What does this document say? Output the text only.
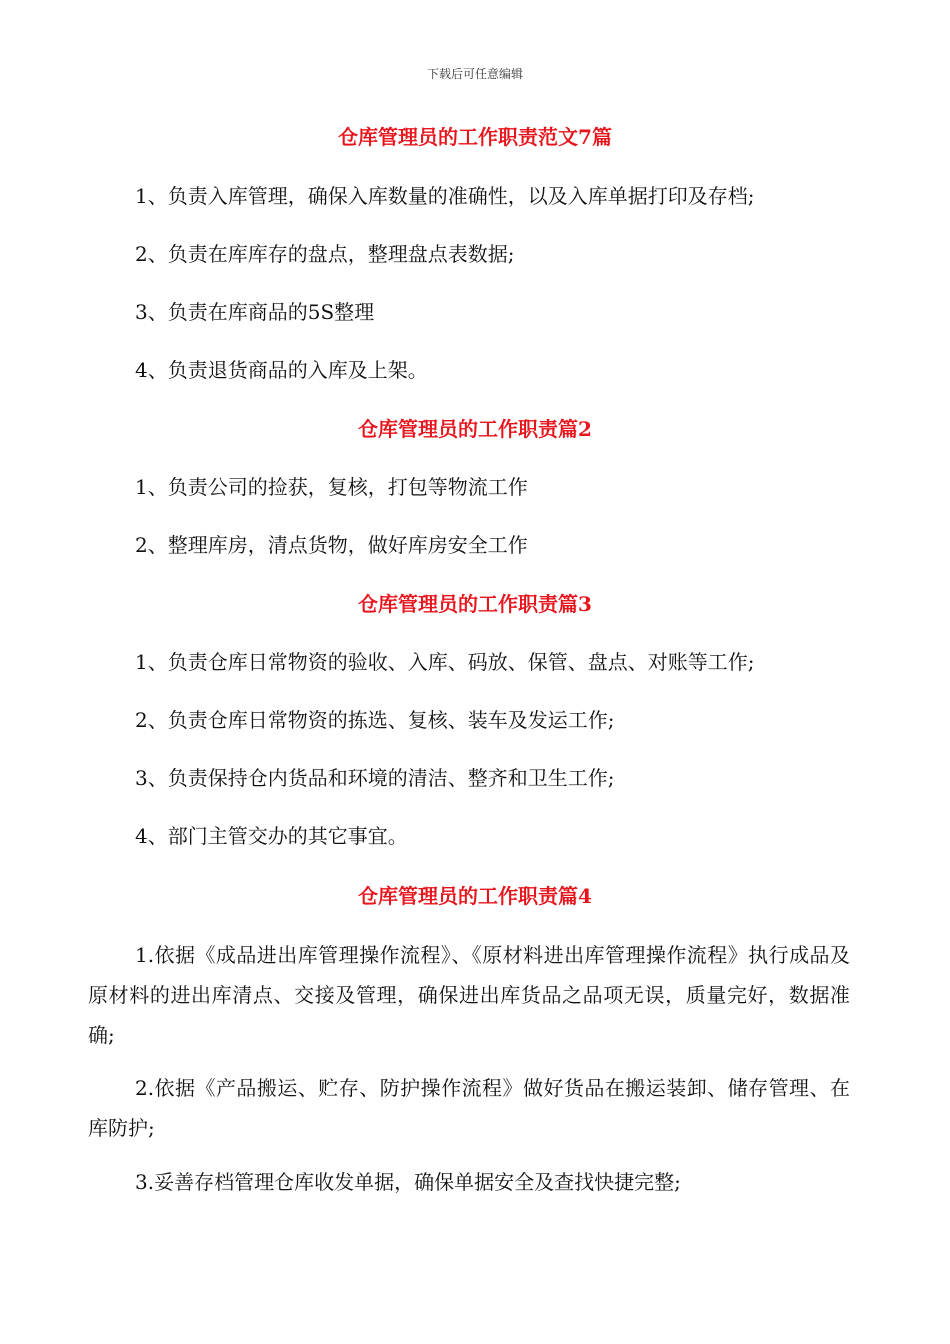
下载后可任意编辑
仓库管理员的工作职责范文7篇
1、负责入库管理，确保入库数量的准确性，以及入库单据打印及存档;
2、负责在库库存的盘点，整理盘点表数据;
3、负责在库商品的5S整理
4、负责退货商品的入库及上架。
仓库管理员的工作职责篇2
1、负责公司的捡获，复核，打包等物流工作
2、整理库房，清点货物，做好库房安全工作
仓库管理员的工作职责篇3
1、负责仓库日常物资的验收、入库、码放、保管、盘点、对账等工作;
2、负责仓库日常物资的拣选、复核、装车及发运工作;
3、负责保持仓内货品和环境的清洁、整齐和卫生工作;
4、部门主管交办的其它事宜。
仓库管理员的工作职责篇4
1.依据《成品进出库管理操作流程》、《原材料进出库管理操作流程》执行成品及原材料的进出库清点、交接及管理，确保进出库货品之品项无误，质量完好，数据准确;
2.依据《产品搬运、贮存、防护操作流程》做好货品在搬运装卸、储存管理、在库防护;
3.妥善存档管理仓库收发单据，确保单据安全及查找快捷完整;
